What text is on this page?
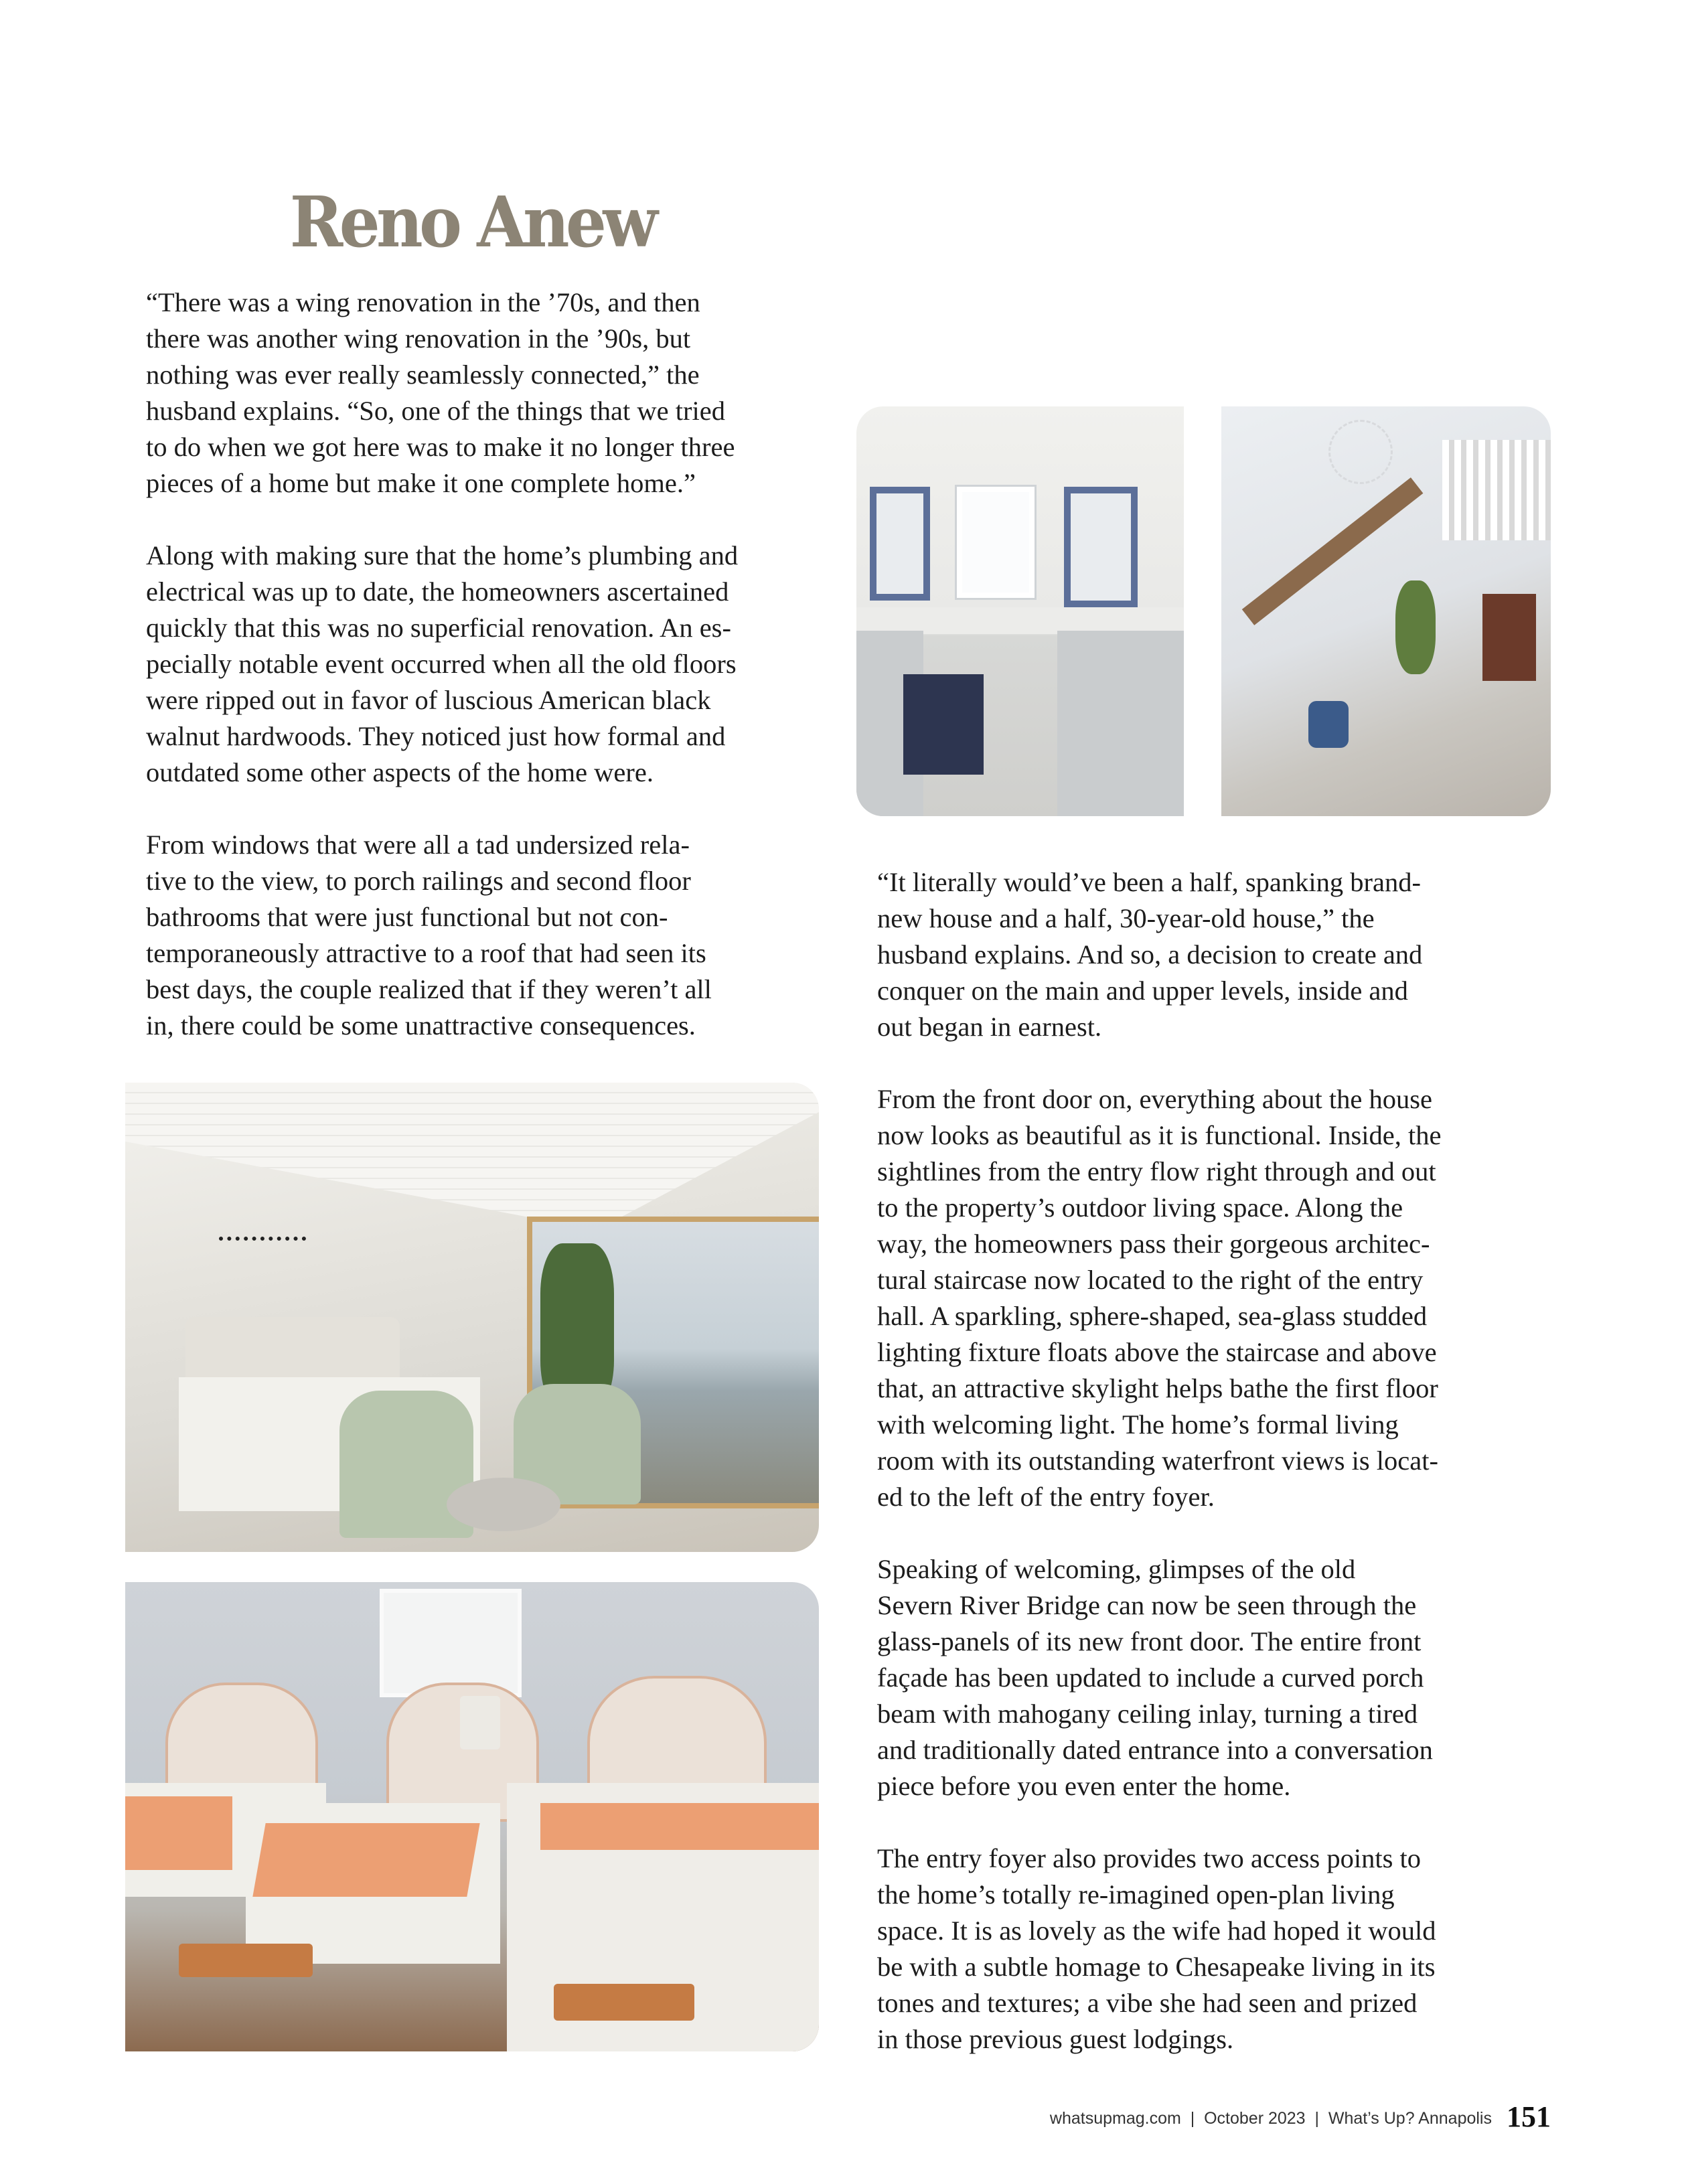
Reno Anew
“There was a wing renovation in the ’70s, and then
there was another wing renovation in the ’90s, but
nothing was ever really seamlessly connected,” the
husband explains. “So, one of the things that we tried
to do when we got here was to make it no longer three
pieces of a home but make it one complete home.”
Along with making sure that the home’s plumbing and
electrical was up to date, the homeowners ascertained
quickly that this was no superficial renovation. An es-
pecially notable event occurred when all the old floors
were ripped out in favor of luscious American black
walnut hardwoods. They noticed just how formal and
outdated some other aspects of the home were.
From windows that were all a tad undersized rela-
tive to the view, to porch railings and second floor
bathrooms that were just functional but not con-
temporaneously attractive to a roof that had seen its
best days, the couple realized that if they weren’t all
in, there could be some unattractive consequences.
“It literally would’ve been a half, spanking brand-
new house and a half, 30-year-old house,” the
husband explains. And so, a decision to create and
conquer on the main and upper levels, inside and
out began in earnest.
From the front door on, everything about the house
now looks as beautiful as it is functional. Inside, the
sightlines from the entry flow right through and out
to the property’s outdoor living space. Along the
way, the homeowners pass their gorgeous architec-
tural staircase now located to the right of the entry
hall. A sparkling, sphere-shaped, sea-glass studded
lighting fixture floats above the staircase and above
that, an attractive skylight helps bathe the first floor
with welcoming light. The home’s formal living
room with its outstanding waterfront views is locat-
ed to the left of the entry foyer.
Speaking of welcoming, glimpses of the old
Severn River Bridge can now be seen through the
glass-panels of its new front door. The entire front
façade has been updated to include a curved porch
beam with mahogany ceiling inlay, turning a tired
and traditionally dated entrance into a conversation
piece before you even enter the home.
The entry foyer also provides two access points to
the home’s totally re-imagined open-plan living
space. It is as lovely as the wife had hoped it would
be with a subtle homage to Chesapeake living in its
tones and textures; a vibe she had seen and prized
in those previous guest lodgings.
whatsupmag.com  |  October 2023  |  What’s Up? Annapolis 151
